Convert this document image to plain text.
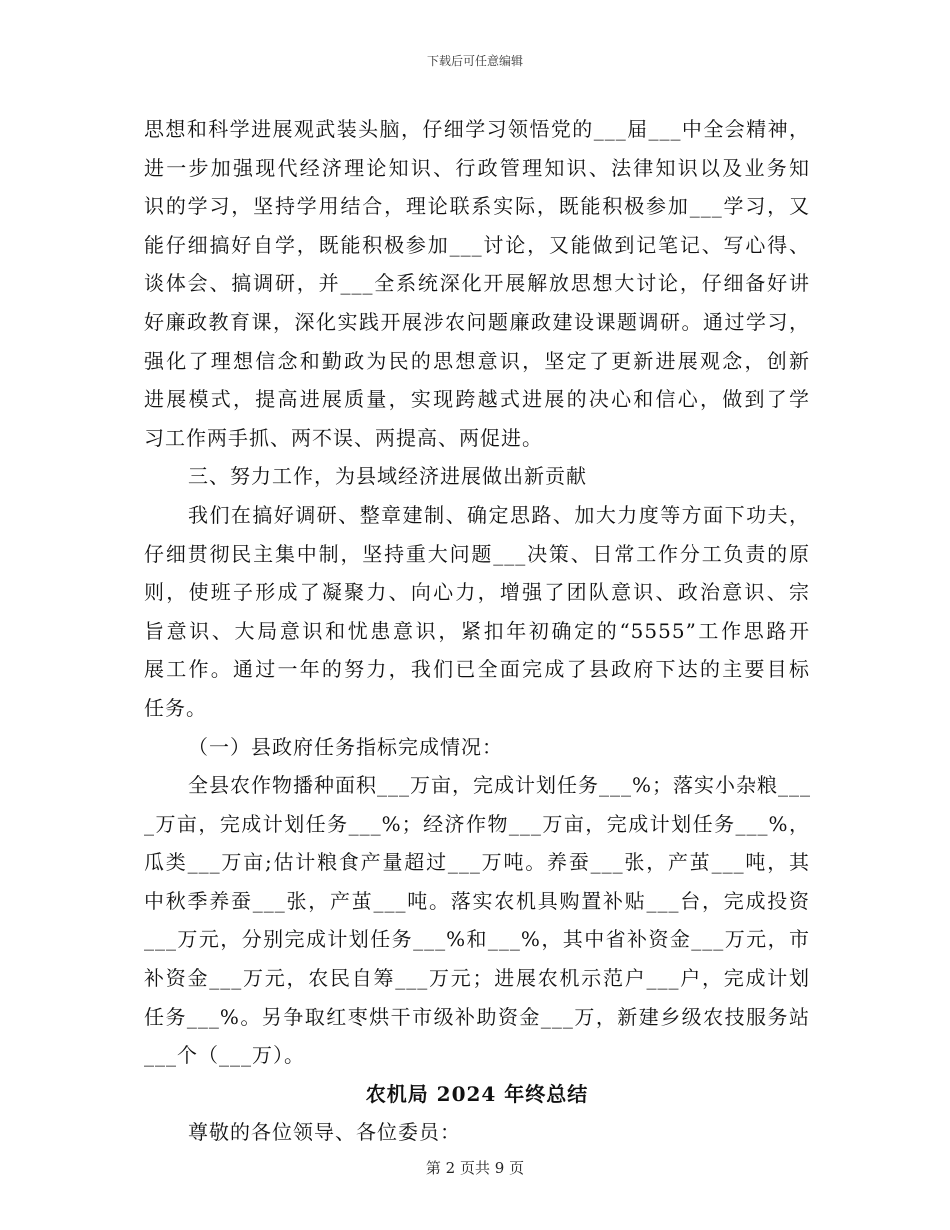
下载后可任意编辑
思想和科学进展观武装头脑，仔细学习领悟党的___届___中全会精神，
进一步加强现代经济理论知识、行政管理知识、法律知识以及业务知
识的学习，坚持学用结合，理论联系实际，既能积极参加___学习，又
能仔细搞好自学，既能积极参加___讨论，又能做到记笔记、写心得、
谈体会、搞调研，并___全系统深化开展解放思想大讨论，仔细备好讲
好廉政教育课，深化实践开展涉农问题廉政建设课题调研。通过学习，
强化了理想信念和勤政为民的思想意识，坚定了更新进展观念，创新
进展模式，提高进展质量，实现跨越式进展的决心和信心，做到了学
习工作两手抓、两不误、两提高、两促进。
三、努力工作，为县域经济进展做出新贡献
我们在搞好调研、整章建制、确定思路、加大力度等方面下功夫，
仔细贯彻民主集中制，坚持重大问题___决策、日常工作分工负责的原
则，使班子形成了凝聚力、向心力，增强了团队意识、政治意识、宗
旨意识、大局意识和忧患意识，紧扣年初确定的“5555”工作思路开
展工作。通过一年的努力，我们已全面完成了县政府下达的主要目标
任务。
（一）县政府任务指标完成情况：
全县农作物播种面积___万亩，完成计划任务___%；落实小杂粮___
_万亩，完成计划任务___%；经济作物___万亩，完成计划任务___%，
瓜类___万亩;估计粮食产量超过___万吨。养蚕___张，产茧___吨，其
中秋季养蚕___张，产茧___吨。落实农机具购置补贴___台，完成投资
___万元，分别完成计划任务___%和___%，其中省补资金___万元，市
补资金___万元，农民自筹___万元；进展农机示范户___户，完成计划
任务___%。另争取红枣烘干市级补助资金___万，新建乡级农技服务站
___个（___万）。
农机局 2024 年终总结
尊敬的各位领导、各位委员：
第 2 页共 9 页
